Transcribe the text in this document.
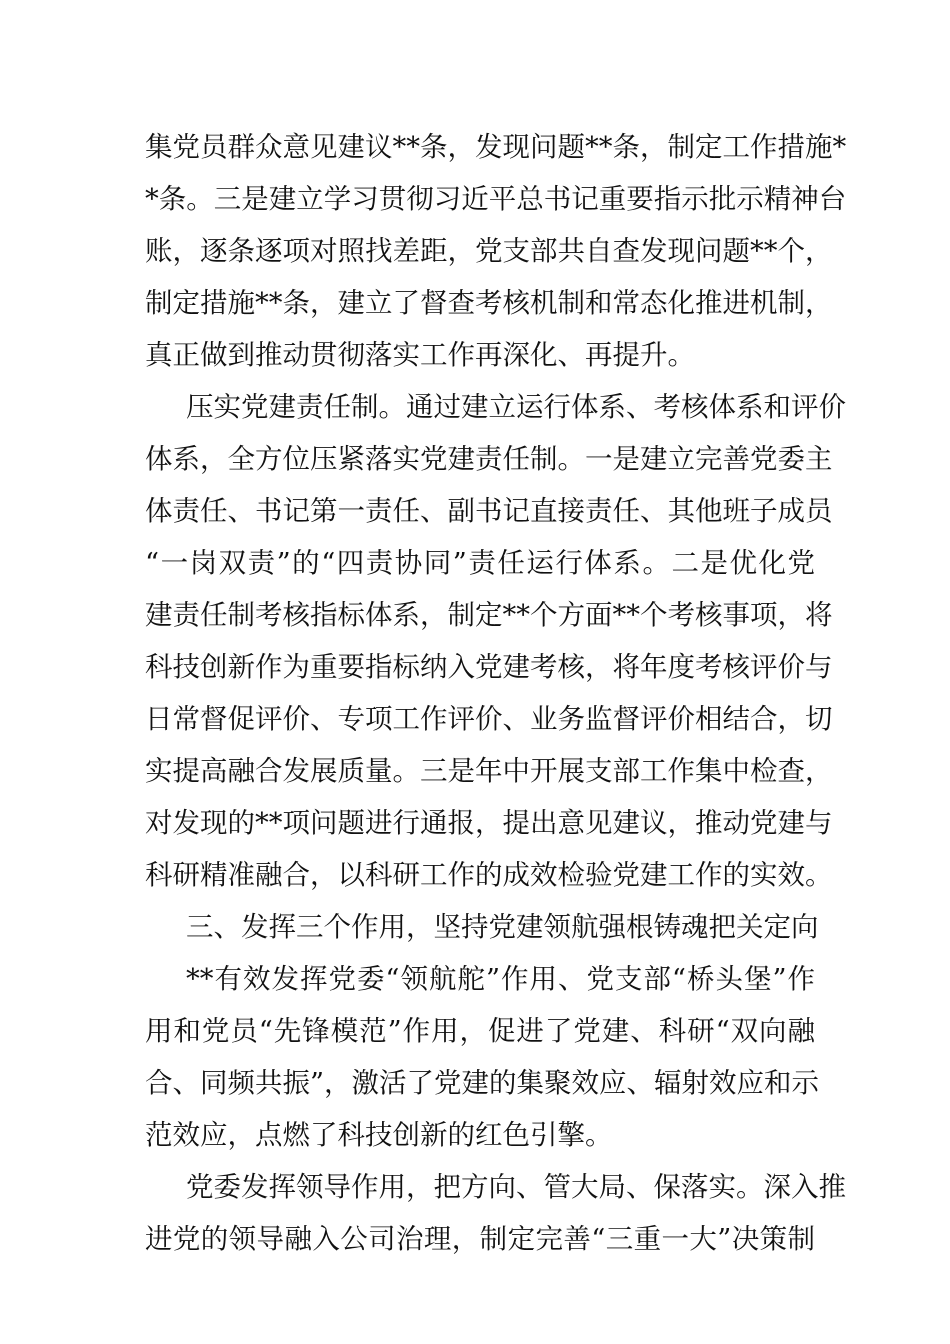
集党员群众意见建议**条，发现问题**条，制定工作措施*
*条。三是建立学习贯彻习近平总书记重要指示批示精神台
账，逐条逐项对照找差距，党支部共自查发现问题**个，
制定措施**条，建立了督查考核机制和常态化推进机制，
真正做到推动贯彻落实工作再深化、再提升。
压实党建责任制。通过建立运行体系、考核体系和评价
体系，全方位压紧落实党建责任制。一是建立完善党委主
体责任、书记第一责任、副书记直接责任、其他班子成员
“一岗双责”的“四责协同”责任运行体系。二是优化党
建责任制考核指标体系，制定**个方面**个考核事项，将
科技创新作为重要指标纳入党建考核，将年度考核评价与
日常督促评价、专项工作评价、业务监督评价相结合，切
实提高融合发展质量。三是年中开展支部工作集中检查，
对发现的**项问题进行通报，提出意见建议，推动党建与
科研精准融合，以科研工作的成效检验党建工作的实效。
三、发挥三个作用，坚持党建领航强根铸魂把关定向
**有效发挥党委“领航舵”作用、党支部“桥头堡”作
用和党员“先锋模范”作用，促进了党建、科研“双向融
合、同频共振”，激活了党建的集聚效应、辐射效应和示
范效应，点燃了科技创新的红色引擎。
党委发挥领导作用，把方向、管大局、保落实。深入推
进党的领导融入公司治理，制定完善“三重一大”决策制
